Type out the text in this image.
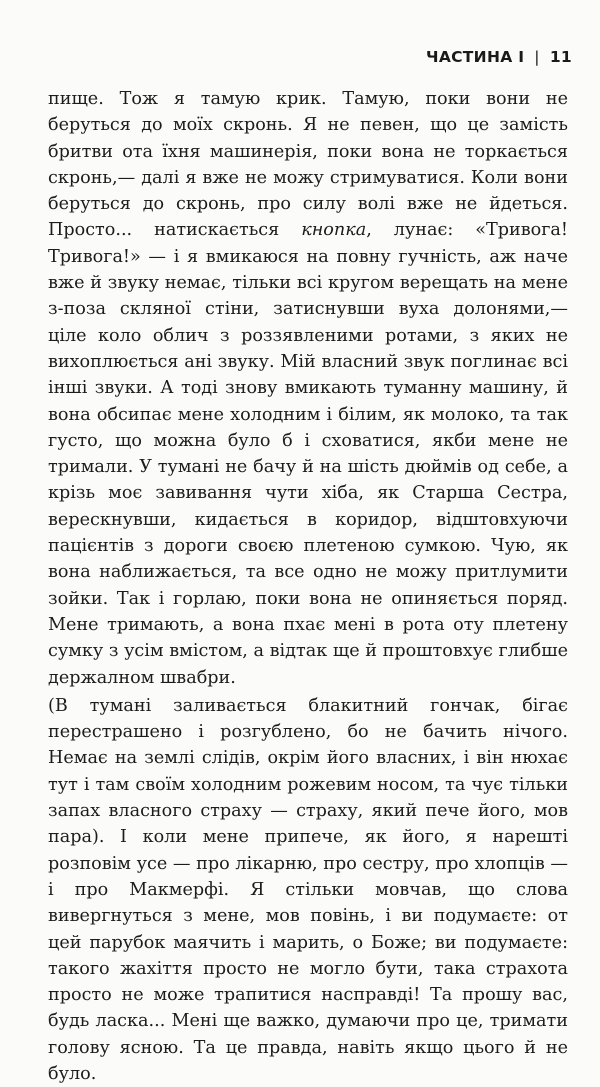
ЧАСТИНА І | 11

пище. Тож я тамую крик. Тамую, поки вони не беруться до моїх скронь. Я не певен, що це замість бритви ота їхня машинерія, поки вона не торкається скронь,— далі я вже не можу стримуватися. Коли вони беруться до скронь, про силу волі вже не йдеться. Просто... натискається кнопка, лунає: «Тривога! Тривога!» — і я вмикаюся на повну гучність, аж наче вже й звуку немає, тільки всі кругом верещать на мене з-поза скляної стіни, затиснувши вуха долонями,— ціле коло облич з роззявленими ротами, з яких не вихоплюється ані звуку. Мій власний звук поглинає всі інші звуки. А тоді знову вмикають туманну машину, й вона обсипає мене холодним і білим, як молоко, та так густо, що можна було б і сховатися, якби мене не тримали. У тумані не бачу й на шість дюймів од себе, а крізь моє завивання чути хіба, як Старша Сестра, верескнувши, кидається в коридор, відштовхуючи пацієнтів з дороги своєю плетеною сумкою. Чую, як вона наближається, та все одно не можу притлумити зойки. Так і горлаю, поки вона не опиняється поряд. Мене тримають, а вона пхає мені в рота оту плетену сумку з усім вмістом, а відтак ще й проштовхує глибше держалном швабри.

(В тумані заливається блакитний гончак, бігає перестрашено і розгублено, бо не бачить нічого. Немає на землі слідів, окрім його власних, і він нюхає тут і там своїм холодним рожевим носом, та чує тільки запах власного страху — страху, який пече його, мов пара). І коли мене припече, як його, я нарешті розповім усе — про лікарню, про сестру, про хлопців — і про Макмерфі. Я стільки мовчав, що слова вивергнуться з мене, мов повінь, і ви подумаєте: от цей парубок маячить і марить, о Боже; ви подумаєте: такого жахіття просто не могло бути, така страхота просто не може трапитися насправді! Та прошу вас, будь ласка... Мені ще важко, думаючи про це, тримати голову ясною. Та це правда, навіть якщо цього й не було.
